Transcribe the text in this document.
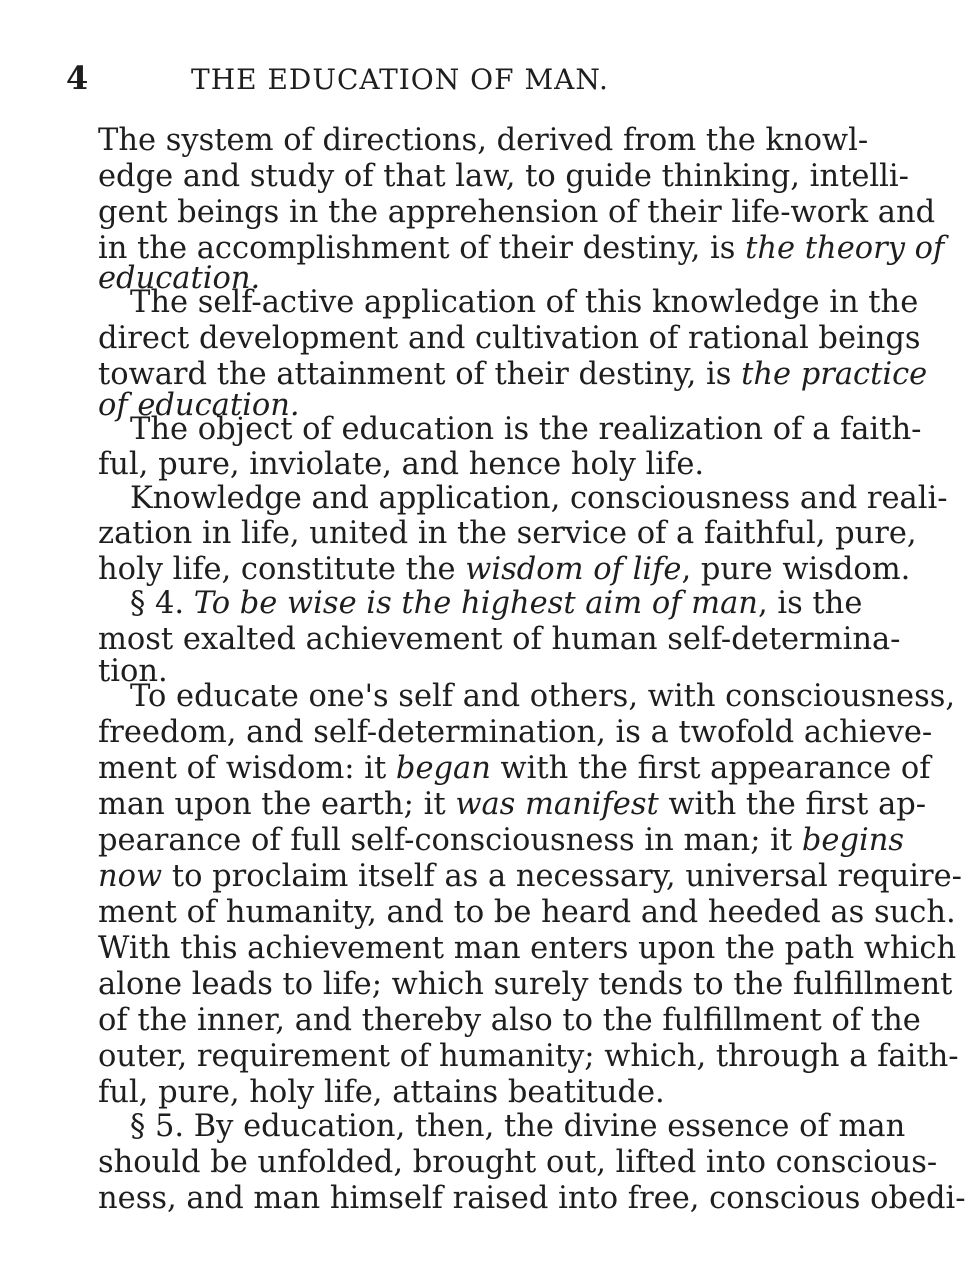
4	THE EDUCATION OF MAN.
The system of directions, derived from the knowl-
edge and study of that law, to guide thinking, intelli-
gent beings in the apprehension of their life-work and
in the accomplishment of their destiny, is the theory of
education.
The self-active application of this knowledge in the
direct development and cultivation of rational beings
toward the attainment of their destiny, is the practice
of education.
The object of education is the realization of a faith-
ful, pure, inviolate, and hence holy life.
Knowledge and application, consciousness and reali-
zation in life, united in the service of a faithful, pure,
holy life, constitute the wisdom of life, pure wisdom.
§ 4. To be wise is the highest aim of man, is the
most exalted achievement of human self-determina-
tion.
To educate one's self and others, with consciousness,
freedom, and self-determination, is a twofold achieve-
ment of wisdom: it began with the first appearance of
man upon the earth; it was manifest with the first ap-
pearance of full self-consciousness in man; it begins
now to proclaim itself as a necessary, universal require-
ment of humanity, and to be heard and heeded as such.
With this achievement man enters upon the path which
alone leads to life; which surely tends to the fulfillment
of the inner, and thereby also to the fulfillment of the
outer, requirement of humanity; which, through a faith-
ful, pure, holy life, attains beatitude.
§ 5. By education, then, the divine essence of man
should be unfolded, brought out, lifted into conscious-
ness, and man himself raised into free, conscious obedi-
